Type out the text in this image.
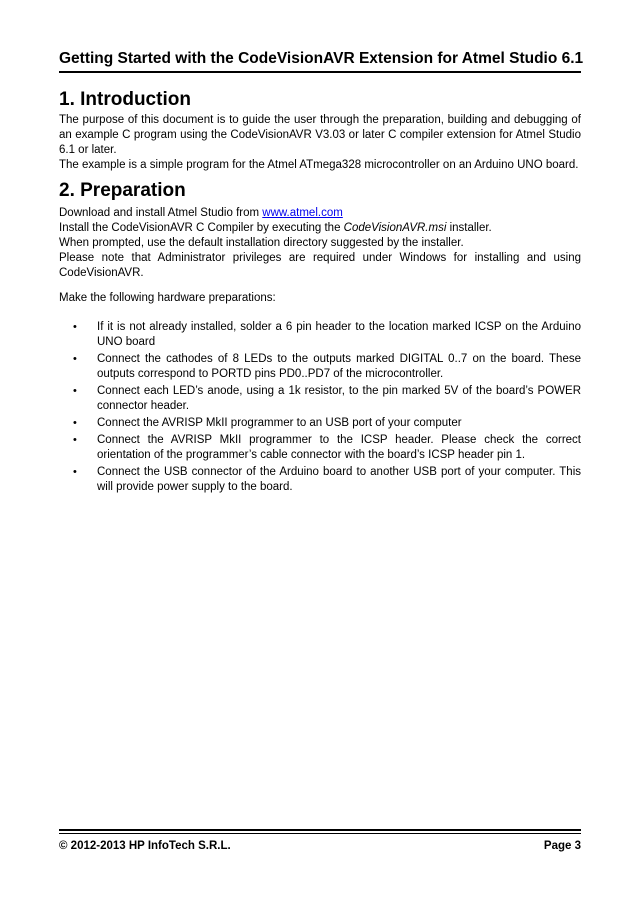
Getting Started with the CodeVisionAVR Extension for Atmel Studio 6.1
1. Introduction

The purpose of this document is to guide the user through the preparation, building and debugging of an example C program using the CodeVisionAVR V3.03 or later C compiler extension for Atmel Studio 6.1 or later.

The example is a simple program for the Atmel ATmega328 microcontroller on an Arduino UNO board.

2. Preparation

Download and install Atmel Studio from www.atmel.com

Install the CodeVisionAVR C Compiler by executing the CodeVisionAVR.msi installer.

When prompted, use the default installation directory suggested by the installer.

Please note that Administrator privileges are required under Windows for installing and using CodeVisionAVR.

Make the following hardware preparations:
• If it is not already installed, solder a 6 pin header to the location marked ICSP on the Arduino UNO board
• Connect the cathodes of 8 LEDs to the outputs marked DIGITAL 0..7 on the board. These outputs correspond to PORTD pins PD0..PD7 of the microcontroller.
• Connect each LED’s anode, using a 1k resistor, to the pin marked 5V of the board’s POWER connector header.
• Connect the AVRISP MkII programmer to an USB port of your computer
• Connect the AVRISP MkII programmer to the ICSP header. Please check the correct orientation of the programmer’s cable connector with the board’s ICSP header pin 1.
• Connect the USB connector of the Arduino board to another USB port of your computer. This will provide power supply to the board.
© 2012-2013 HP InfoTech S.R.L.	Page 3
